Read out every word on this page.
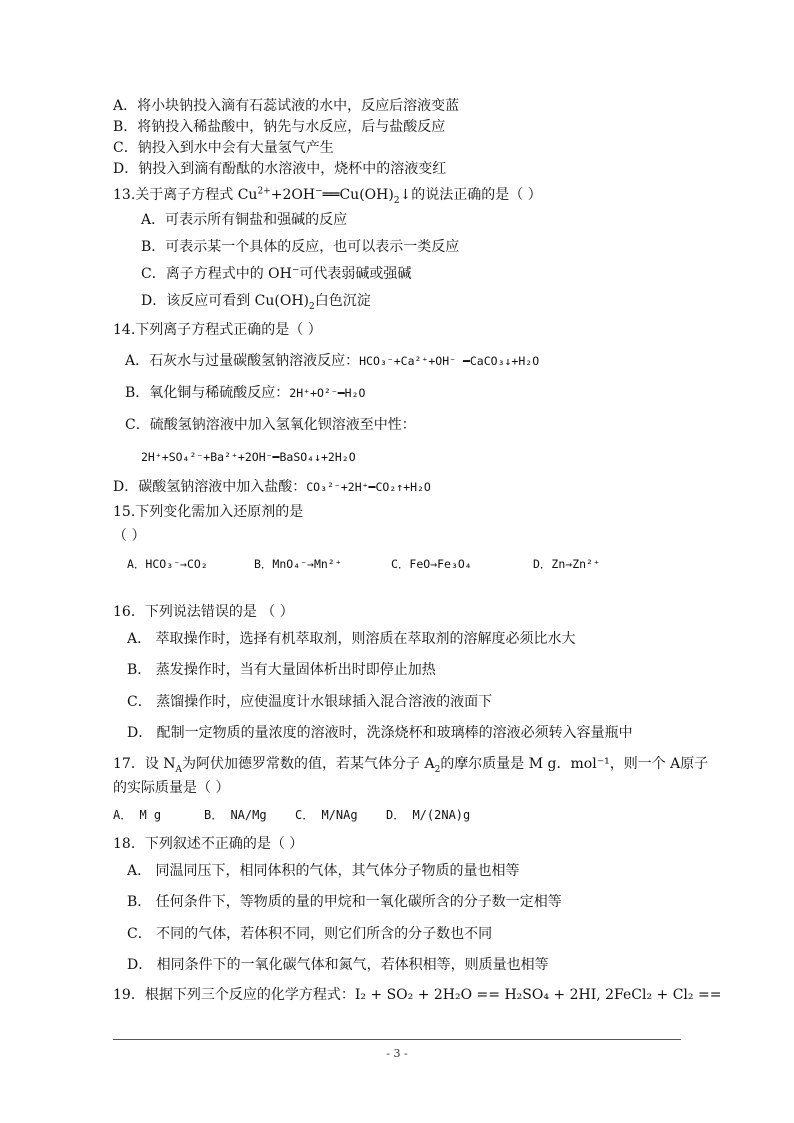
A．将小块钠投入滴有石蕊试液的水中，反应后溶液变蓝
B．将钠投入稀盐酸中，钠先与水反应，后与盐酸反应
C．钠投入到水中会有大量氢气产生
D．钠投入到滴有酚酞的水溶液中，烧杯中的溶液变红
13.关于离子方程式 $Cu^{2+}+2OH^-══Cu(OH)_2↓$的说法正确的是（ ）
A．可表示所有铜盐和强碱的反应
B．可表示某一个具体的反应，也可以表示一类反应
C．离子方程式中的 OH−可代表弱碱或强碱
D．该反应可看到 $Cu(OH)_2$白色沉淀
14.下列离子方程式正确的是（ ）
A．石灰水与过量碳酸氢钠溶液反应：HCO₃⁻+Ca²⁺+OH⁻ ━CaCO₃↓+H₂O
B．氧化铜与稀硫酸反应：2H⁺+O²⁻━H₂O
C．硫酸氢钠溶液中加入氢氧化钡溶液至中性：
2H⁺+SO₄²⁻+Ba²⁺+2OH⁻━BaSO₄↓+2H₂O
D．碳酸氢钠溶液中加入盐酸：CO₃²⁻+2H⁺━CO₂↑+H₂O
15.下列变化需加入还原剂的是
（ ）
A．HCO₃⁻→CO₂	B．MnO₄⁻→Mn²⁺	C．FeO→Fe₃O₄	D．Zn→Zn²⁺
16．下列说法错误的是 （ ）
A． 萃取操作时，选择有机萃取剂，则溶质在萃取剂的溶解度必须比水大
B． 蒸发操作时，当有大量固体析出时即停止加热
C． 蒸馏操作时，应使温度计水银球插入混合溶液的液面下
D． 配制一定物质的量浓度的溶液时，洗涤烧杯和玻璃棒的溶液必须转入容量瓶中
17．设 $N_A$为阿伏加德罗常数的值，若某气体分子 $A_2$的摩尔质量是 M g．mol⁻¹，则一个 A原子
的实际质量是（ ）
A． M g	B． NA/Mg C． M/NAg D． M/(2NA)g
18．下列叙述不正确的是（ ）
A． 同温同压下，相同体积的气体，其气体分子物质的量也相等
B． 任何条件下，等物质的量的甲烷和一氧化碳所含的分子数一定相等
C． 不同的气体，若体积不同，则它们所含的分子数也不同
D． 相同条件下的一氧化碳气体和氮气，若体积相等，则质量也相等
19．根据下列三个反应的化学方程式：I₂ + SO₂ + 2H₂O == H₂SO₄ + 2HI, 2FeCl₂ + Cl₂ ==
- 3 -
